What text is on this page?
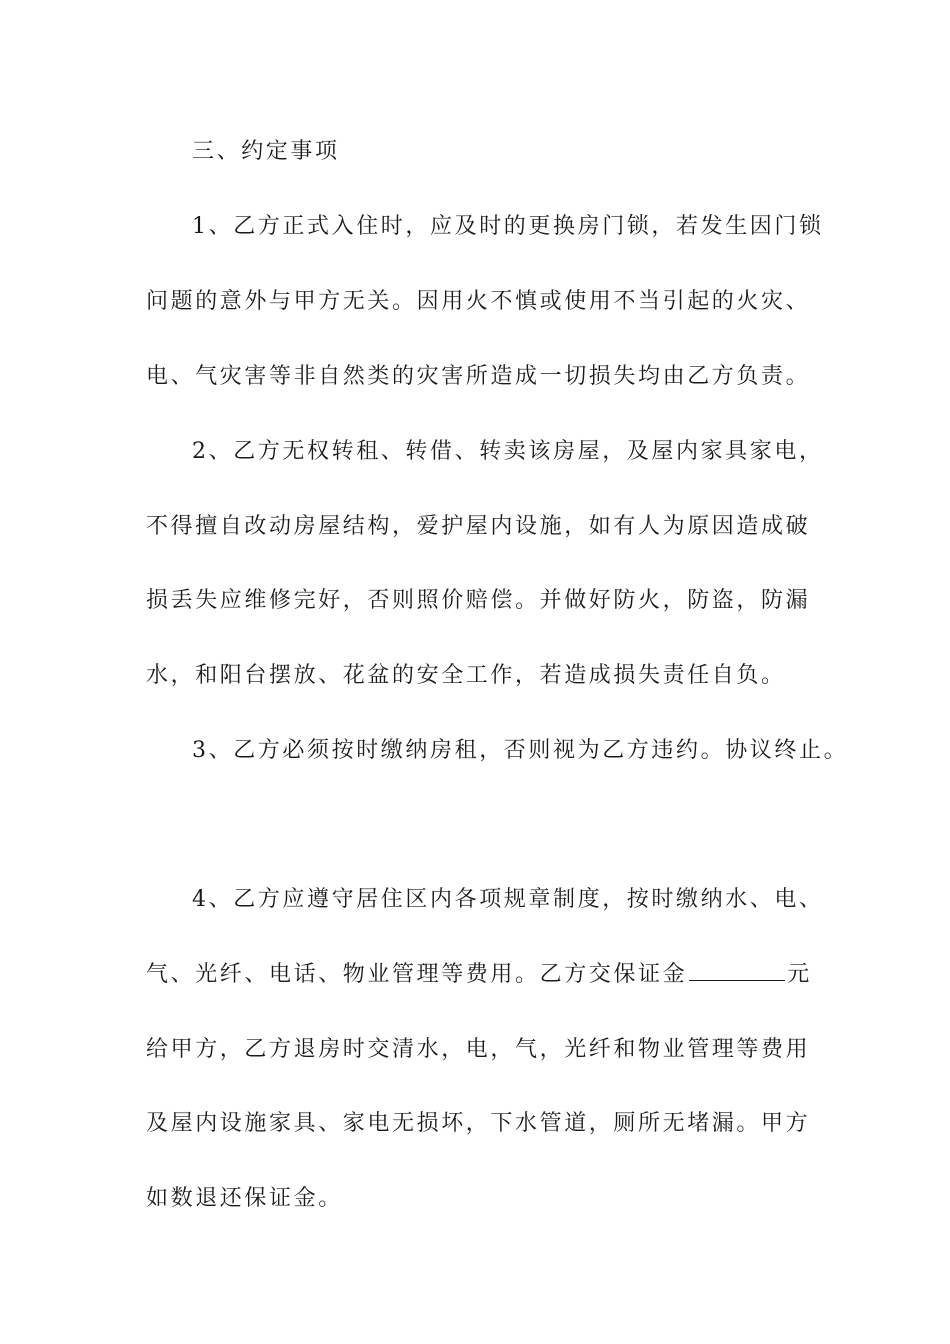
三、约定事项
1、乙方正式入住时，应及时的更换房门锁，若发生因门锁
问题的意外与甲方无关。因用火不慎或使用不当引起的火灾、
电、气灾害等非自然类的灾害所造成一切损失均由乙方负责。
2、乙方无权转租、转借、转卖该房屋，及屋内家具家电，
不得擅自改动房屋结构，爱护屋内设施，如有人为原因造成破
损丢失应维修完好，否则照价赔偿。并做好防火，防盗，防漏
水，和阳台摆放、花盆的安全工作，若造成损失责任自负。
3、乙方必须按时缴纳房租，否则视为乙方违约。协议终止。
4、乙方应遵守居住区内各项规章制度，按时缴纳水、电、
气、光纤、电话、物业管理等费用。乙方交保证金	元
给甲方，乙方退房时交清水，电，气，光纤和物业管理等费用
及屋内设施家具、家电无损坏，下水管道，厕所无堵漏。甲方
如数退还保证金。
